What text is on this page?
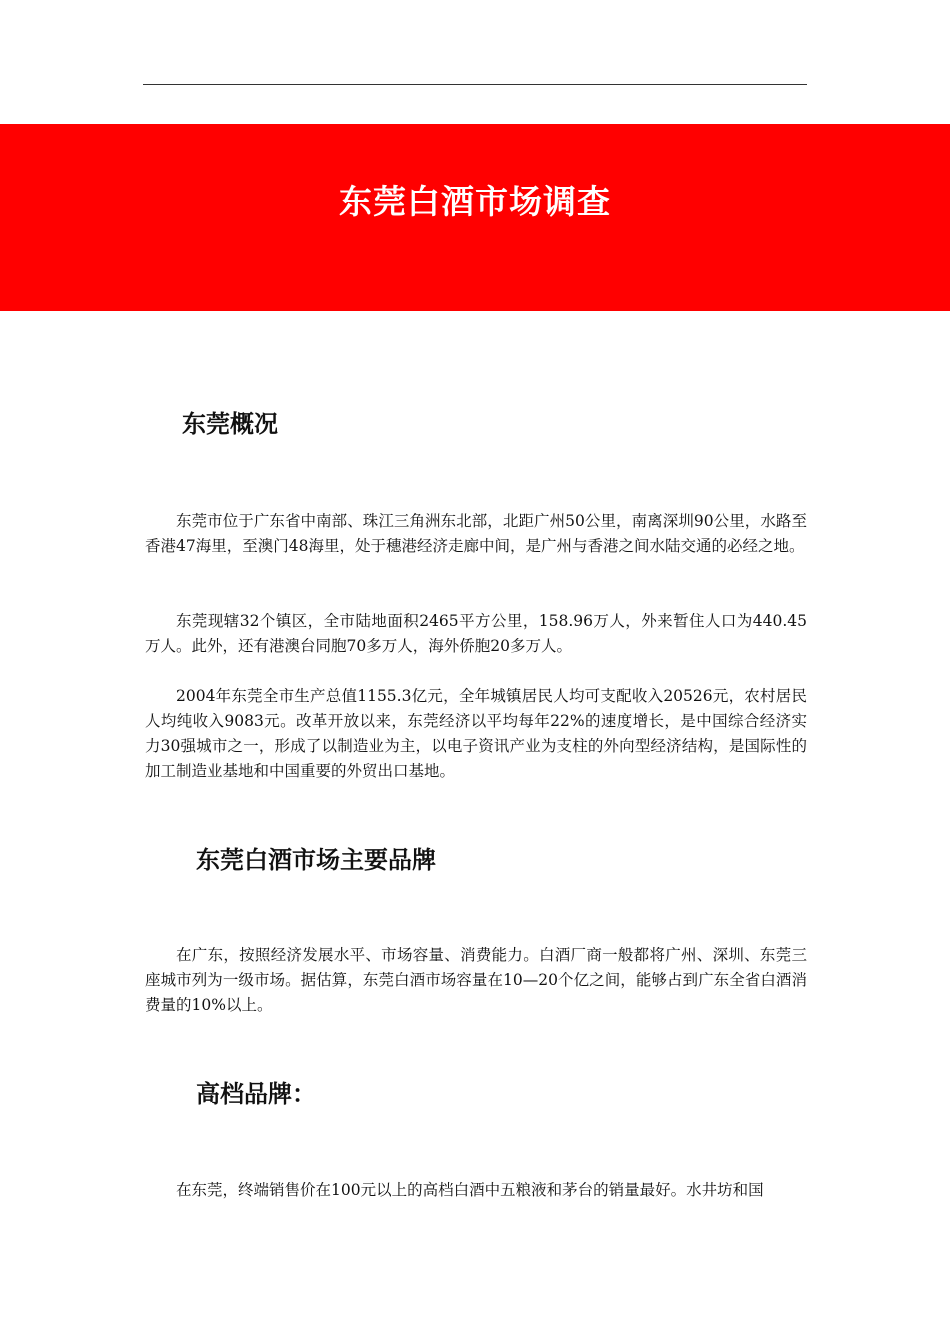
东莞白酒市场调查
东莞概况

东莞市位于广东省中南部、珠江三角洲东北部，北距广州50公里，南离深圳90公里，水路至香港47海里，至澳门48海里，处于穗港经济走廊中间，是广州与香港之间水陆交通的必经之地。

东莞现辖32个镇区，全市陆地面积2465平方公里，158.96万人，外来暂住人口为440.45万人。此外，还有港澳台同胞70多万人，海外侨胞20多万人。

2004年东莞全市生产总值1155.3亿元，全年城镇居民人均可支配收入20526元，农村居民人均纯收入9083元。改革开放以来，东莞经济以平均每年22%的速度增长，是中国综合经济实力30强城市之一，形成了以制造业为主，以电子资讯产业为支柱的外向型经济结构，是国际性的加工制造业基地和中国重要的外贸出口基地。

东莞白酒市场主要品牌

在广东，按照经济发展水平、市场容量、消费能力。白酒厂商一般都将广州、深圳、东莞三座城市列为一级市场。据估算，东莞白酒市场容量在10—20个亿之间，能够占到广东全省白酒消费量的10%以上。

高档品牌：

在东莞，终端销售价在100元以上的高档白酒中五粮液和茅台的销量最好。水井坊和国
